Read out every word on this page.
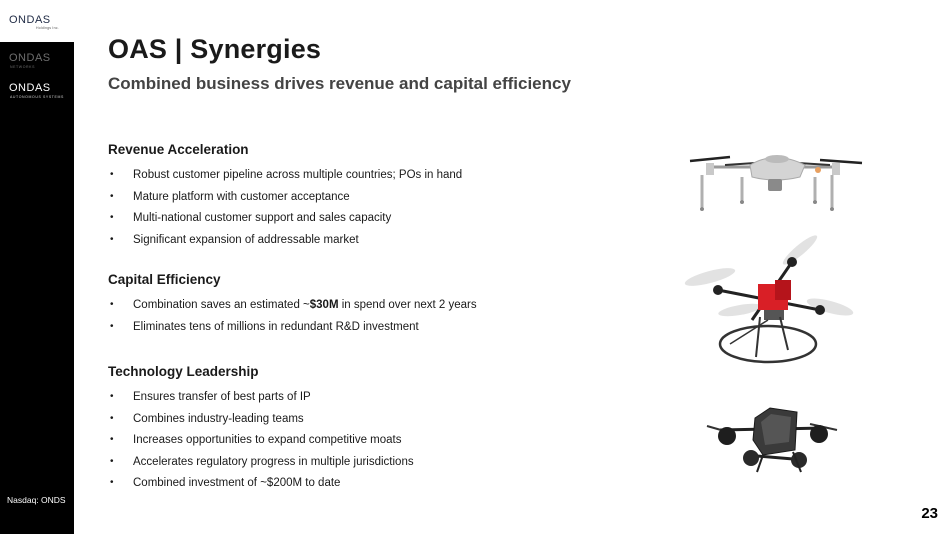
ONDAS
Holdings Inc.
ONDAS
NETWORKS
ONDAS
AUTONOMOUS SYSTEMS
Nasdaq: ONDS
OAS | Synergies
Combined business drives revenue and capital efficiency
Revenue Acceleration
• Robust customer pipeline across multiple countries; POs in hand
• Mature platform with customer acceptance
• Multi-national customer support and sales capacity
• Significant expansion of addressable market
Capital Efficiency
• Combination saves an estimated ~$30M in spend over next 2 years
• Eliminates tens of millions in redundant R&D investment
Technology Leadership
• Ensures transfer of best parts of IP
• Combines industry-leading teams
• Increases opportunities to expand competitive moats
• Accelerates regulatory progress in multiple jurisdictions
• Combined investment of ~$200M to date
23
